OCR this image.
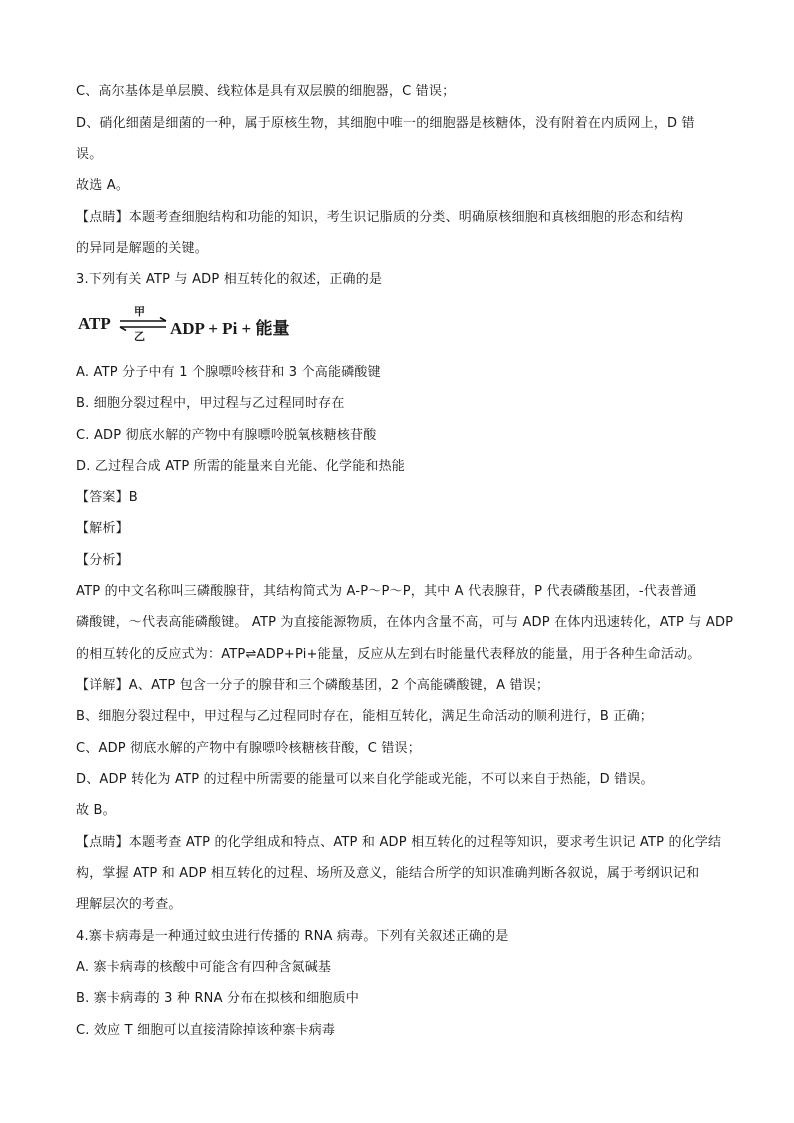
C、高尔基体是单层膜、线粒体是具有双层膜的细胞器，C 错误；
D、硝化细菌是细菌的一种，属于原核生物，其细胞中唯一的细胞器是核糖体，没有附着在内质网上，D 错
误。
故选 A。
【点睛】本题考查细胞结构和功能的知识，考生识记脂质的分类、明确原核细胞和真核细胞的形态和结构
的异同是解题的关键。
3.下列有关 ATP 与 ADP 相互转化的叙述，正确的是
ATP
甲
乙 ADP + Pi + 能量
A. ATP 分子中有 1 个腺嘌呤核苷和 3 个高能磷酸键
B. 细胞分裂过程中，甲过程与乙过程同时存在
C. ADP 彻底水解的产物中有腺嘌呤脱氧核糖核苷酸
D. 乙过程合成 ATP 所需的能量来自光能、化学能和热能
【答案】B
【解析】
【分析】
ATP 的中文名称叫三磷酸腺苷，其结构简式为 A-P～P～P，其中 A 代表腺苷，P 代表磷酸基团，-代表普通
磷酸键，～代表高能磷酸键。 ATP 为直接能源物质，在体内含量不高，可与 ADP 在体内迅速转化，ATP 与 ADP
的相互转化的反应式为：ATP⇌ADP+Pi+能量，反应从左到右时能量代表释放的能量，用于各种生命活动。
【详解】A、ATP 包含一分子的腺苷和三个磷酸基团，2 个高能磷酸键，A 错误；
B、细胞分裂过程中，甲过程与乙过程同时存在，能相互转化，满足生命活动的顺利进行，B 正确；
C、ADP 彻底水解的产物中有腺嘌呤核糖核苷酸，C 错误；
D、ADP 转化为 ATP 的过程中所需要的能量可以来自化学能或光能，不可以来自于热能，D 错误。
故 B。
【点睛】本题考查 ATP 的化学组成和特点、ATP 和 ADP 相互转化的过程等知识，要求考生识记 ATP 的化学结
构，掌握 ATP 和 ADP 相互转化的过程、场所及意义，能结合所学的知识准确判断各叙说，属于考纲识记和
理解层次的考查。
4.寨卡病毒是一种通过蚊虫进行传播的 RNA 病毒。下列有关叙述正确的是
A. 寨卡病毒的核酸中可能含有四种含氮碱基
B. 寨卡病毒的 3 种 RNA 分布在拟核和细胞质中
C. 效应 T 细胞可以直接清除掉该种寨卡病毒
